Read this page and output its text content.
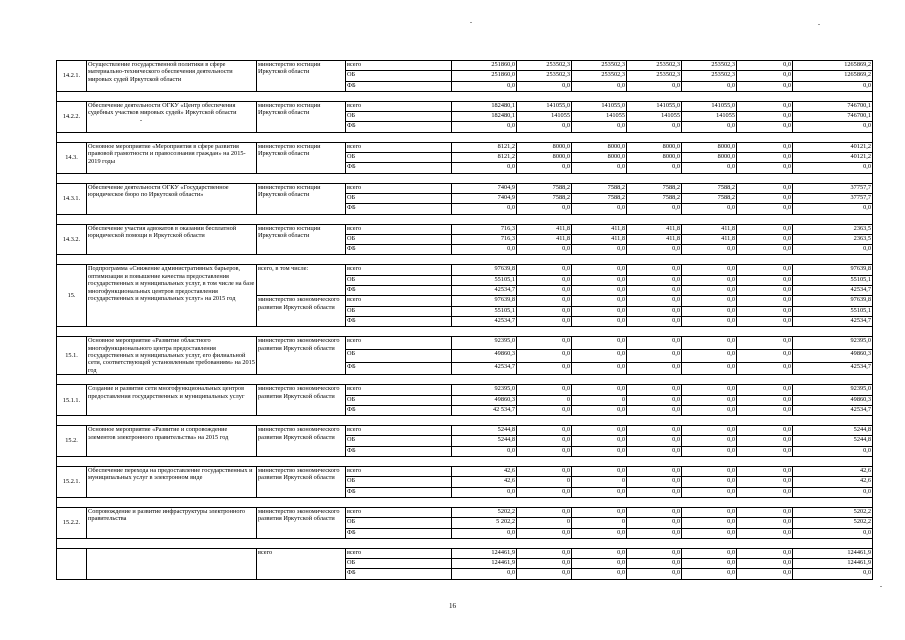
14.2.1.	Осуществление государственной политики в сфере материально-технического обеспечения деятельности мировых судей Иркутской области	министерство юстиции Иркутской области	всего	251860,0	253502,3	253502,3	253502,3	253502,3	0,0	1265869,2
			ОБ	251860,0	253502,3	253502,3	253502,3	253502,3	0,0	1265869,2
			ФБ	0,0	0,0	0,0	0,0	0,0	0,0	0,0

14.2.2.	Обеспечение деятельности ОГКУ «Центр обеспечения судебных участков мировых судей» Иркутской области	министерство юстиции Иркутской области	всего	182480,1	141055,0	141055,0	141055,0	141055,0	0,0	746700,1
			ОБ	182480,1	141055	141055	141055	141055	0,0	746700,1
			ФБ	0,0	0,0	0,0	0,0	0,0	0,0	0,0

14.3.	Основное мероприятие «Мероприятия в сфере развития правовой грамотности и правосознания граждан» на 2015-2019 годы	министерство юстиции Иркутской области	всего	8121,2	8000,0	8000,0	8000,0	8000,0	0,0	40121,2
			ОБ	8121,2	8000,0	8000,0	8000,0	8000,0	0,0	40121,2
			ФБ	0,0	0,0	0,0	0,0	0,0	0,0	0,0

14.3.1.	Обеспечение деятельности ОГКУ «Государственное юридическое бюро по Иркутской области»	министерство юстиции Иркутской области	всего	7404,9	7588,2	7588,2	7588,2	7588,2	0,0	37757,7
			ОБ	7404,9	7588,2	7588,2	7588,2	7588,2	0,0	37757,7
			ФБ	0,0	0,0	0,0	0,0	0,0	0,0	0,0

14.3.2.	Обеспечение участия адвокатов в оказании бесплатной юридической помощи в Иркутской области	министерство юстиции Иркутской области	всего	716,3	411,8	411,8	411,8	411,8	0,0	2363,5
			ОБ	716,3	411,8	411,8	411,8	411,8	0,0	2363,5
			ФБ	0,0	0,0	0,0	0,0	0,0	0,0	0,0

15.	Подпрограмма «Снижение административных барьеров, оптимизация и повышение качества предоставления государственных и муниципальных услуг, в том числе на базе многофункциональных центров предоставления государственных и муниципальных услуг» на 2015 год	всего, в том числе:	всего	97639,8	0,0	0,0	0,0	0,0	0,0	97639,8
			ОБ	55105,1	0,0	0,0	0,0	0,0	0,0	55105,1
			ФБ	42534,7	0,0	0,0	0,0	0,0	0,0	42534,7
		министерство экономического развития Иркутской области	всего	97639,8	0,0	0,0	0,0	0,0	0,0	97639,8
			ОБ	55105,1	0,0	0,0	0,0	0,0	0,0	55105,1
			ФБ	42534,7	0,0	0,0	0,0	0,0	0,0	42534,7

15.1.	Основное мероприятие «Развитие областного многофункционального центра предоставления государственных и муниципальных услуг, его филиальной сети, соответствующей установленным требованиям» на 2015 год	министерство экономического развития Иркутской области	всего	92395,0	0,0	0,0	0,0	0,0	0,0	92395,0
			ОБ	49860,3	0,0	0,0	0,0	0,0	0,0	49860,3
			ФБ	42534,7	0,0	0,0	0,0	0,0	0,0	42534,7

15.1.1.	Создание и развитие сети многофункциональных центров предоставления государственных и муниципальных услуг	министерство экономического развития Иркутской области	всего	92395,0	0,0	0,0	0,0	0,0	0,0	92395,0
			ОБ	49860,3	0	0	0,0	0,0	0,0	49860,3
			ФБ	42 534,7	0,0	0,0	0,0	0,0	0,0	42534,7

15.2.	Основное мероприятие «Развитие и сопровождение элементов электронного правительства» на 2015 год	министерство экономического развития Иркутской области	всего	5244,8	0,0	0,0	0,0	0,0	0,0	5244,8
			ОБ	5244,8	0,0	0,0	0,0	0,0	0,0	5244,8
			ФБ	0,0	0,0	0,0	0,0	0,0	0,0	0,0

15.2.1.	Обеспечение перехода на предоставление государственных и муниципальных услуг в электронном виде	министерство экономического развития Иркутской области	всего	42,6	0,0	0,0	0,0	0,0	0,0	42,6
			ОБ	42,6	0	0	0,0	0,0	0,0	42,6
			ФБ	0,0	0,0	0,0	0,0	0,0	0,0	0,0

15.2.2.	Сопровождение и развитие инфраструктуры электронного правительства	министерство экономического развития Иркутской области	всего	5202,2	0,0	0,0	0,0	0,0	0,0	5202,2
			ОБ	5 202,2	0	0	0,0	0,0	0,0	5202,2
			ФБ	0,0	0,0	0,0	0,0	0,0	0,0	0,0

		всего	всего	124461,9	0,0	0,0	0,0	0,0	0,0	124461,9
			ОБ	124461,9	0,0	0,0	0,0	0,0	0,0	124461,9
			ФБ	0,0	0,0	0,0	0,0	0,0	0,0	0,0
16
